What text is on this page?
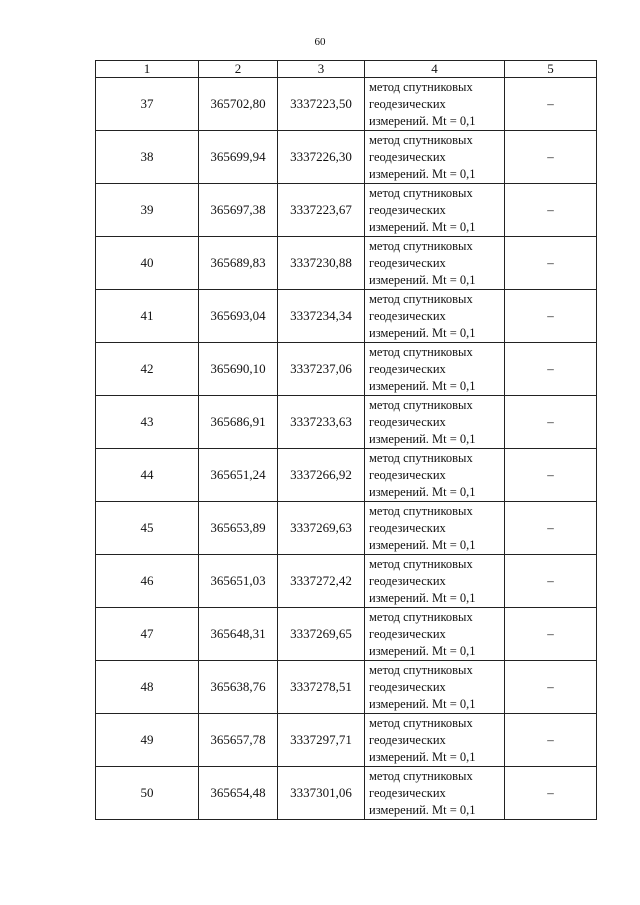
60
1	2	3	4	5
37	365702,80	3337223,50	метод спутниковых
геодезических
измерений. Mt = 0,1	–
38	365699,94	3337226,30	метод спутниковых
геодезических
измерений. Mt = 0,1	–
39	365697,38	3337223,67	метод спутниковых
геодезических
измерений. Mt = 0,1	–
40	365689,83	3337230,88	метод спутниковых
геодезических
измерений. Mt = 0,1	–
41	365693,04	3337234,34	метод спутниковых
геодезических
измерений. Mt = 0,1	–
42	365690,10	3337237,06	метод спутниковых
геодезических
измерений. Mt = 0,1	–
43	365686,91	3337233,63	метод спутниковых
геодезических
измерений. Mt = 0,1	–
44	365651,24	3337266,92	метод спутниковых
геодезических
измерений. Mt = 0,1	–
45	365653,89	3337269,63	метод спутниковых
геодезических
измерений. Mt = 0,1	–
46	365651,03	3337272,42	метод спутниковых
геодезических
измерений. Mt = 0,1	–
47	365648,31	3337269,65	метод спутниковых
геодезических
измерений. Mt = 0,1	–
48	365638,76	3337278,51	метод спутниковых
геодезических
измерений. Mt = 0,1	–
49	365657,78	3337297,71	метод спутниковых
геодезических
измерений. Mt = 0,1	–
50	365654,48	3337301,06	метод спутниковых
геодезических
измерений. Mt = 0,1	–
